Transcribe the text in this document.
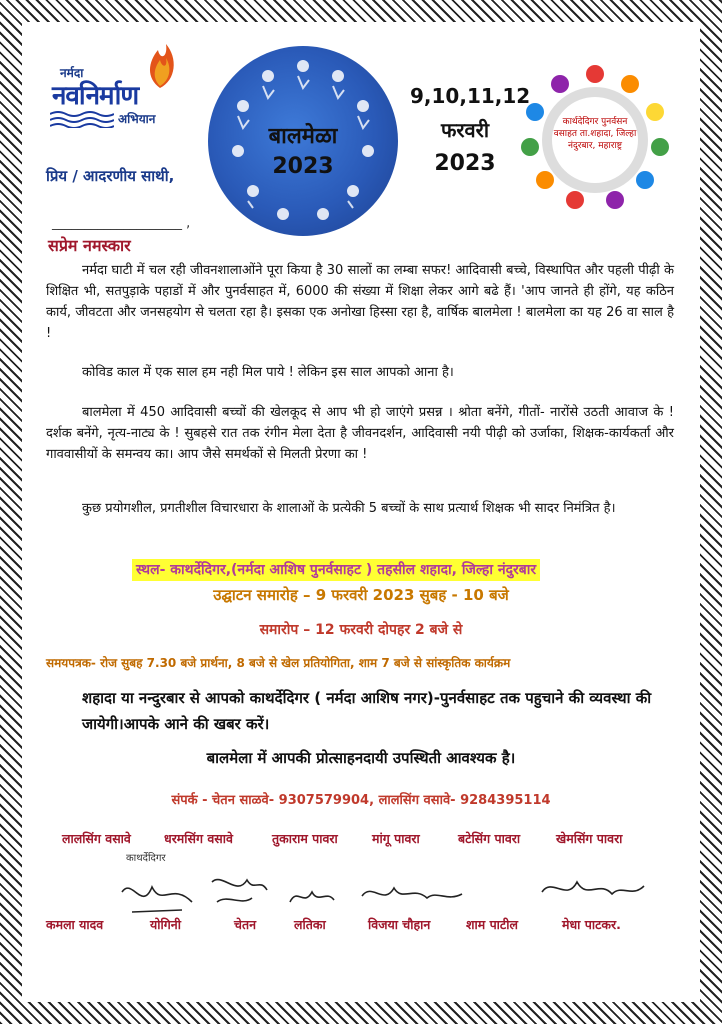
नर्मदा
नवनिर्माण
अभियान
बालमेळा
2023
9,10,11,12
फरवरी
2023
कार्थदेदिगर पुनर्वसन वसाहत ता.शहादा, जिल्हा नंदुरबार, महाराष्ट्र
प्रिय / आदरणीय साथी,
____________________ ,
सप्रेम नमस्कार
नर्मदा घाटी में चल रही जीवनशालाओंने पूरा किया है 30 सालों का लम्बा सफर! आदिवासी बच्चे, विस्थापित और पहली पीढ़ी के शिक्षित भी, सतपुड़ाके पहाडों में और पुनर्वसाहत में, 6000 की संख्या में शिक्षा लेकर आगे बढे हैं। 'आप जानते ही होंगे, यह कठिन कार्य, जीवटता और जनसहयोग से चलता रहा है। इसका एक अनोखा हिस्सा रहा है, वार्षिक बालमेला ! बालमेला का यह 26 वा साल है !
कोविड काल में एक साल हम नही मिल पाये ! लेकिन इस साल आपको आना है।
बालमेला में 450 आदिवासी बच्चों की खेलकूद से आप भी हो जाएंगे प्रसन्न । श्रोता बनेंगे, गीतों- नारोंसे उठती आवाज के ! दर्शक बनेंगे, नृत्य-नाट्य के ! सुबहसे रात तक रंगीन मेला देता है जीवनदर्शन, आदिवासी नयी पीढ़ी को उर्जाका, शिक्षक-कार्यकर्ता और गाववासीयों के समन्वय का। आप जैसे समर्थकों से मिलती प्रेरणा का !
कुछ प्रयोगशील, प्रगतीशील विचारधारा के शालाओं के प्रत्येकी 5 बच्चों के साथ प्रत्यार्थ शिक्षक भी सादर निमंत्रित है।
स्थल- काथर्देदिगर,(नर्मदा आशिष पुनर्वसाहट ) तहसील शहादा, जिल्हा नंदुरबार
उद्घाटन समारोह – 9 फरवरी 2023 सुबह - 10 बजे
समारोप – 12 फरवरी दोपहर 2 बजे से
समयपत्रक- रोज सुबह 7.30 बजे प्रार्थना, 8 बजे से खेल प्रतियोगिता, शाम 7 बजे से सांस्कृतिक कार्यक्रम
शहादा या नन्दुरबार से आपको काथर्देदिगर ( नर्मदा आशिष नगर)-पुनर्वसाहट तक पहुचाने की व्यवस्था की जायेगी।आपके आने की खबर करें।
बालमेला में आपकी प्रोत्साहनदायी उपस्थिती आवश्यक है।
संपर्क - चेतन साळवे- 9307579904, लालसिंग वसावे- 9284395114
लालसिंग वसावे	धरमसिंग वसावे	तुकाराम पावरा	मांगू पावरा	बटेसिंग पावरा	खेमसिंग पावरा
काथर्देदिगर
कमला यादव	योगिनी	चेतन	लतिका	विजया चौहान	शाम पाटील	मेधा पाटकर.
